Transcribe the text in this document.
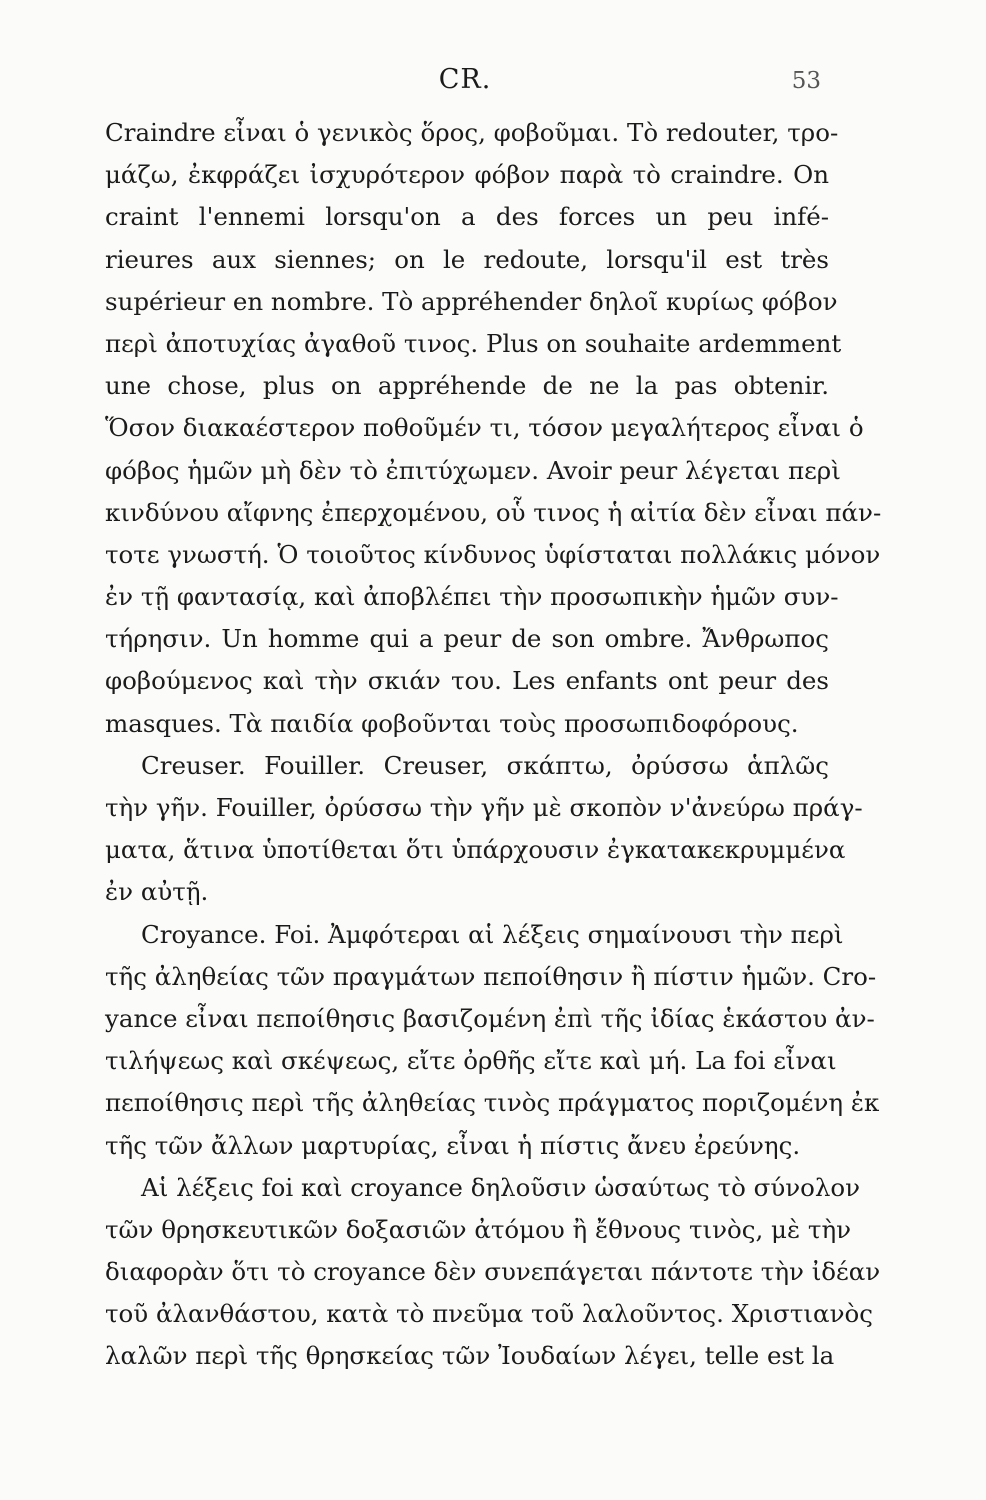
CR.	53
Craindre εἶναι ὁ γενικὸς ὅρος, φοβοῦμαι. Τὸ redouter, τρο-
μάζω, ἐκφράζει ἰσχυρότερον φόβον παρὰ τὸ craindre. On
craint l'ennemi lorsqu'on a des forces un peu infé-
rieures aux siennes; on le redoute, lorsqu'il est très
supérieur en nombre. Τὸ appréhender δηλοῖ κυρίως φόβον
περὶ ἀποτυχίας ἀγαθοῦ τινος. Plus on souhaite ardemment
une chose, plus on appréhende de ne la pas obtenir.
Ὅσον διακαέστερον ποθοῦμέν τι, τόσον μεγαλήτερος εἶναι ὁ
φόβος ἡμῶν μὴ δὲν τὸ ἐπιτύχωμεν. Avoir peur λέγεται περὶ
κινδύνου αἴφνης ἐπερχομένου, οὗ τινος ἡ αἰτία δὲν εἶναι πάν-
τοτε γνωστή. Ὁ τοιοῦτος κίνδυνος ὑφίσταται πολλάκις μόνον
ἐν τῇ φαντασίᾳ, καὶ ἀποβλέπει τὴν προσωπικὴν ἡμῶν συν-
τήρησιν. Un homme qui a peur de son ombre. Ἄνθρωπος
φοβούμενος καὶ τὴν σκιάν του. Les enfants ont peur des
masques. Τὰ παιδία φοβοῦνται τοὺς προσωπιδοφόρους.
Creuser. Fouiller. Creuser, σκάπτω, ὀρύσσω ἁπλῶς
τὴν γῆν. Fouiller, ὀρύσσω τὴν γῆν μὲ σκοπὸν ν'ἀνεύρω πράγ-
ματα, ἅτινα ὑποτίθεται ὅτι ὑπάρχουσιν ἐγκατακεκρυμμένα
ἐν αὐτῇ.
Croyance. Foi. Ἀμφότεραι αἱ λέξεις σημαίνουσι τὴν περὶ
τῆς ἀληθείας τῶν πραγμάτων πεποίθησιν ἢ πίστιν ἡμῶν. Cro-
yance εἶναι πεποίθησις βασιζομένη ἐπὶ τῆς ἰδίας ἑκάστου ἀν-
τιλήψεως καὶ σκέψεως, εἴτε ὀρθῆς εἴτε καὶ μή. La foi εἶναι
πεποίθησις περὶ τῆς ἀληθείας τινὸς πράγματος ποριζομένη ἐκ
τῆς τῶν ἄλλων μαρτυρίας, εἶναι ἡ πίστις ἄνευ ἐρεύνης.
Αἱ λέξεις foi καὶ croyance δηλοῦσιν ὡσαύτως τὸ σύνολον
τῶν θρησκευτικῶν δοξασιῶν ἀτόμου ἢ ἔθνους τινὸς, μὲ τὴν
διαφορὰν ὅτι τὸ croyance δὲν συνεπάγεται πάντοτε τὴν ἰδέαν
τοῦ ἀλανθάστου, κατὰ τὸ πνεῦμα τοῦ λαλοῦντος. Χριστιανὸς
λαλῶν περὶ τῆς θρησκείας τῶν Ἰουδαίων λέγει, telle est la
